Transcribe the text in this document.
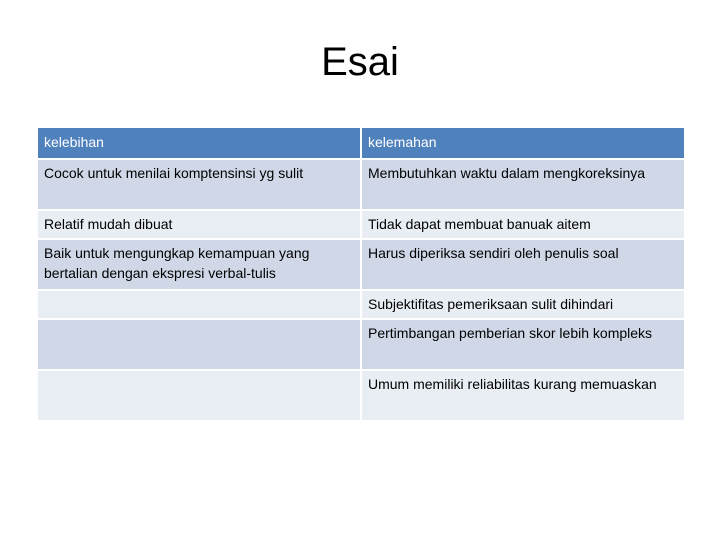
Esai
kelebihan	kelemahan
Cocok untuk menilai komptensinsi yg sulit	Membutuhkan waktu dalam mengkoreksinya
Relatif mudah dibuat	Tidak dapat membuat banuak aitem
Baik untuk mengungkap kemampuan yang bertalian dengan ekspresi verbal-tulis	Harus diperiksa sendiri oleh penulis soal
	Subjektifitas pemeriksaan sulit dihindari
	Pertimbangan pemberian skor lebih kompleks
	Umum memiliki reliabilitas kurang memuaskan
